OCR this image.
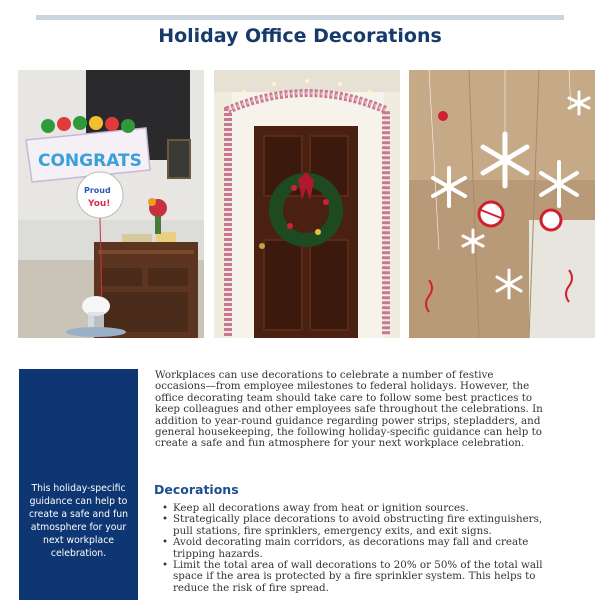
Holiday Office Decorations
CONGRATS
Proud
You!

Workplaces can use decorations to celebrate a number of festive occasions—from employee milestones to federal holidays. However, the office decorating team should take care to follow some best practices to keep colleagues and other employees safe throughout the celebrations. In addition to year-round guidance regarding power strips, stepladders, and general housekeeping, the following holiday-specific guidance can help to create a safe and fun atmosphere for your next workplace celebration.

This holiday-specific guidance can help to create a safe and fun atmosphere for your next workplace celebration.

Decorations
• Keep all decorations away from heat or ignition sources.
• Strategically place decorations to avoid obstructing fire extinguishers, pull stations, fire sprinklers, emergency exits, and exit signs.
• Avoid decorating main corridors, as decorations may fall and create tripping hazards.
• Limit the total area of wall decorations to 20% or 50% of the total wall space if the area is protected by a fire sprinkler system. This helps to reduce the risk of fire spread.
